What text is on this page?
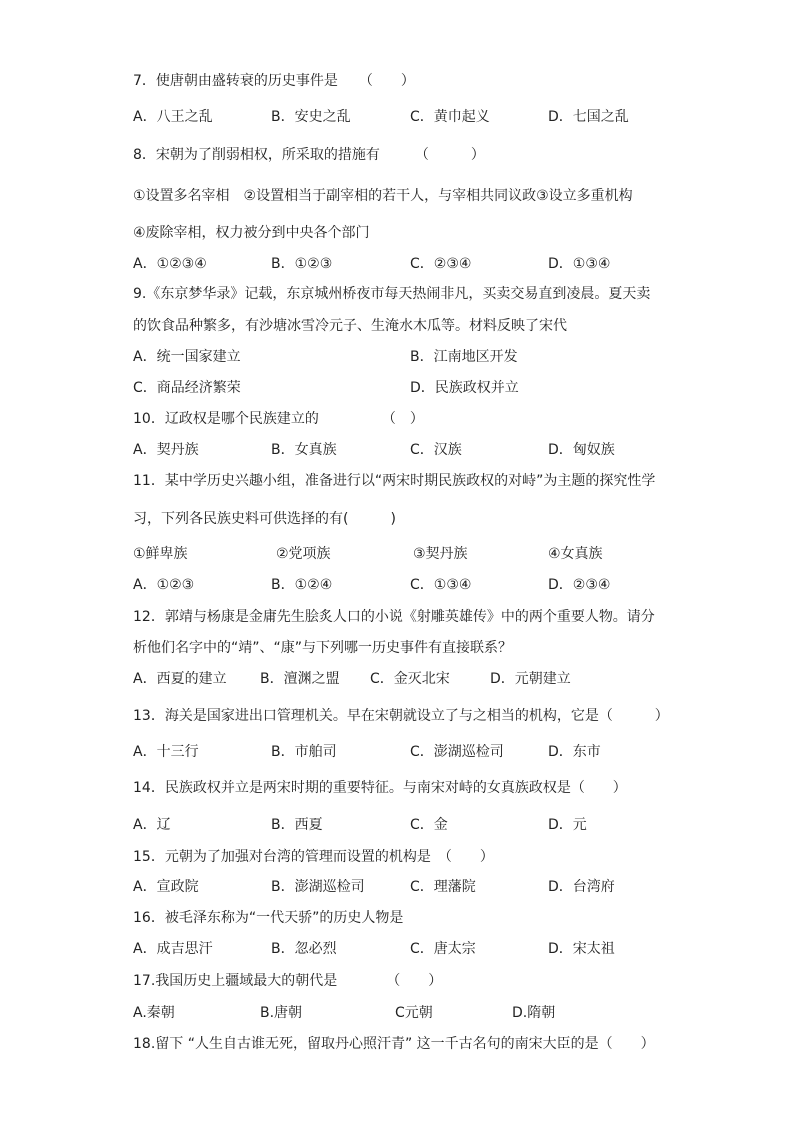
7．使唐朝由盛转衰的历史事件是　　（　　）
A．八王之乱	B．安史之乱	C．黄巾起义	D．七国之乱
8．宋朝为了削弱相权，所采取的措施有　　　（　　　）
①设置多名宰相　②设置相当于副宰相的若干人，与宰相共同议政③设立多重机构
④废除宰相，权力被分到中央各个部门
A．①②③④	B．①②③	C．②③④	D．①③④
9.《东京梦华录》记载，东京城州桥夜市每天热闹非凡，买卖交易直到凌晨。夏天卖
的饮食品种繁多，有沙塘冰雪冷元子、生淹水木瓜等。材料反映了宋代
A．统一国家建立	B．江南地区开发
C．商品经济繁荣	D．民族政权并立
10．辽政权是哪个民族建立的　　　　　（　）
A．契丹族	B．女真族	C．汉族	D．匈奴族
11．某中学历史兴趣小组，准备进行以“两宋时期民族政权的对峙”为主题的探究性学
习，下列各民族史料可供选择的有(　　　)
①鲜卑族	②党项族	③契丹族	④女真族
A．①②③	B．①②④	C．①③④	D．②③④
12．郭靖与杨康是金庸先生脍炙人口的小说《射雕英雄传》中的两个重要人物。请分
析他们名字中的“靖”、“康”与下列哪一历史事件有直接联系？
A．西夏的建立 B．澶渊之盟 C．金灭北宋	D．元朝建立
13．海关是国家进出口管理机关。早在宋朝就设立了与之相当的机构，它是（　　　）
A．十三行	B．市舶司	C．澎湖巡检司	D．东市
14．民族政权并立是两宋时期的重要特征。与南宋对峙的女真族政权是（　　）
A．辽	B．西夏	C．金	D．元
15．元朝为了加强对台湾的管理而设置的机构是　（　　）
A．宣政院	B．澎湖巡检司	C．理藩院	D．台湾府
16．被毛泽东称为“一代天骄”的历史人物是
A．成吉思汗	B．忽必烈	C．唐太宗	D．宋太祖
17.我国历史上疆域最大的朝代是　　　　（　　）
A.秦朝	B.唐朝	C元朝	D.隋朝
18.留下 “人生自古谁无死，留取丹心照汗青” 这一千古名句的南宋大臣的是（　　）
